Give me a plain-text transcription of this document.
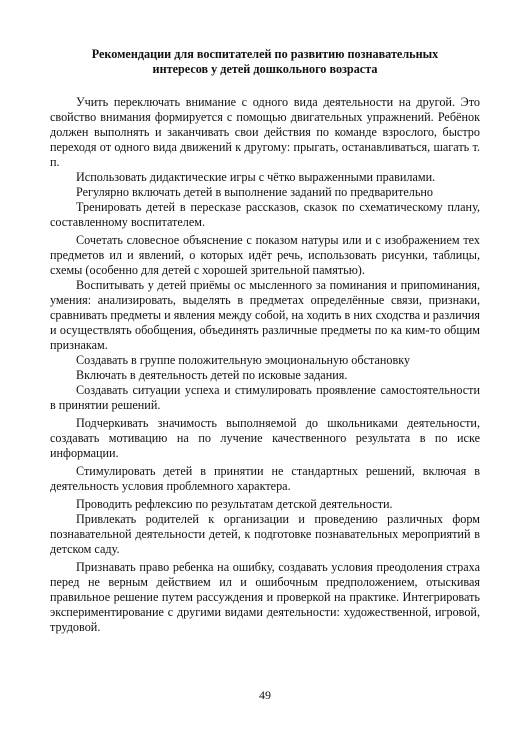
Рекомендации для воспитателей по развитию познавательных
интересов у детей дошкольного возраста

Учить переключать внимание с одного вида деятельности на другой. Это свойство внимания формируется с помощью двигательных упражнений. Ребёнок должен выполнять и заканчивать свои действия по команде взрослого, быстро переходя от одного вида движений к другому: прыгать, останавливаться, шагать т. п.

Использовать дидактические игры с чётко выраженными правилами.

Регулярно включать детей в выполнение заданий по предварительно

Тренировать детей в пересказе рассказов, сказок по схематическому плану, составленному воспитателем.

Сочетать словесное объяснение с показом натуры или и с изображением тех предметов ил и явлений, о которых идёт речь, использовать рисунки, таблицы, схемы (особенно для детей с хорошей зрительной памятью).

Воспитывать у детей приёмы ос мысленного за поминания и припоминания, умения: анализировать, выделять в предметах определённые связи, признаки, сравнивать предметы и явления между собой, на ходить в них сходства и различия и осуществлять обобщения, объединять различные предметы по ка ким-то общим признакам.

Создавать в группе положительную эмоциональную обстановку

Включать в деятельность детей по исковые задания.

Создавать ситуации успеха и стимулировать проявление самостоятельности в принятии решений.

Подчеркивать значимость выполняемой до школьниками деятельности, создавать мотивацию на по лучение качественного результата в по иске информации.

Стимулировать детей в принятии не стандартных решений, включая в деятельность условия проблемного характера.

Проводить рефлексию по результатам детской деятельности.

Привлекать родителей к организации и проведению различных форм познавательной деятельности детей, к подготовке познавательных мероприятий в детском саду.

Признавать право ребенка на ошибку, создавать условия преодоления страха перед не верным действием ил и ошибочным предположением, отыскивая правильное решение путем рассуждения и проверкой на практике. Интегрировать экспериментирование с другими видами деятельности: художественной, игровой, трудовой.

49
